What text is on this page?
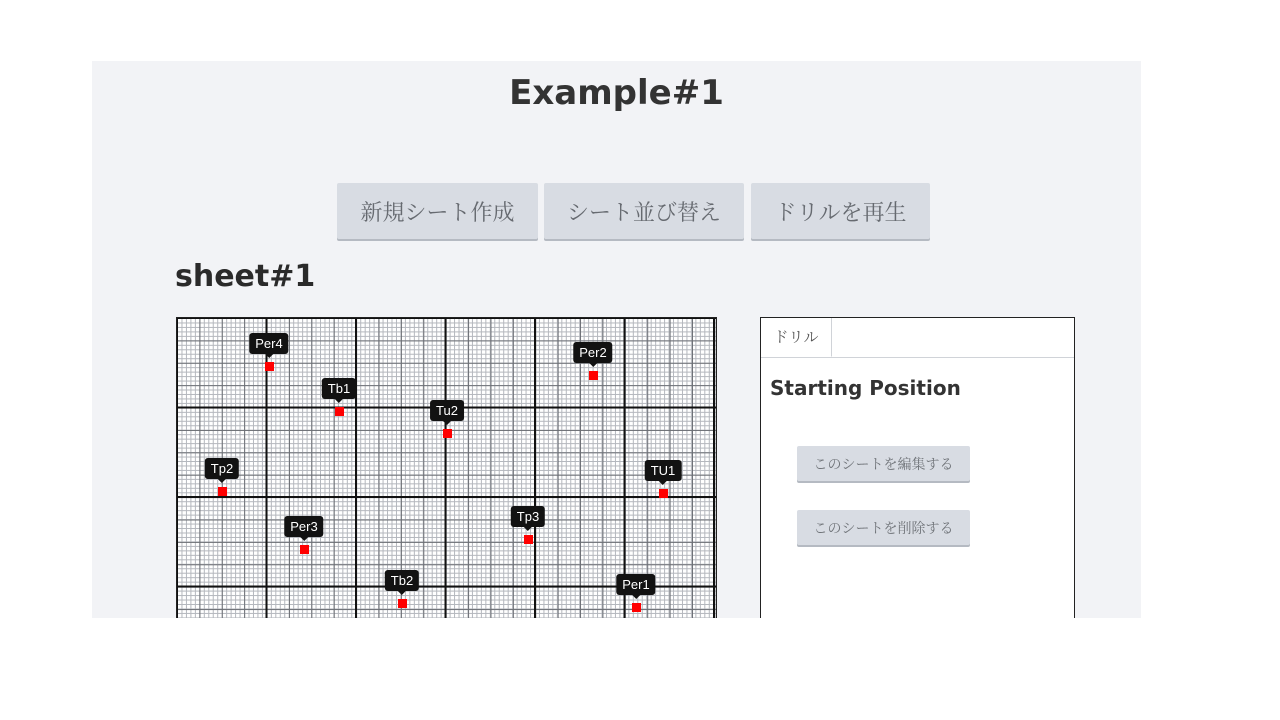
Example#1
新規シート作成	シート並び替え	ドリルを再生
sheet#1
Per4
Tb1
Tu2
Per2
Tp2	TU1
Per3
Tp3
Tb2	Per1
ドリル
Starting Position
このシートを編集する
このシートを削除する
